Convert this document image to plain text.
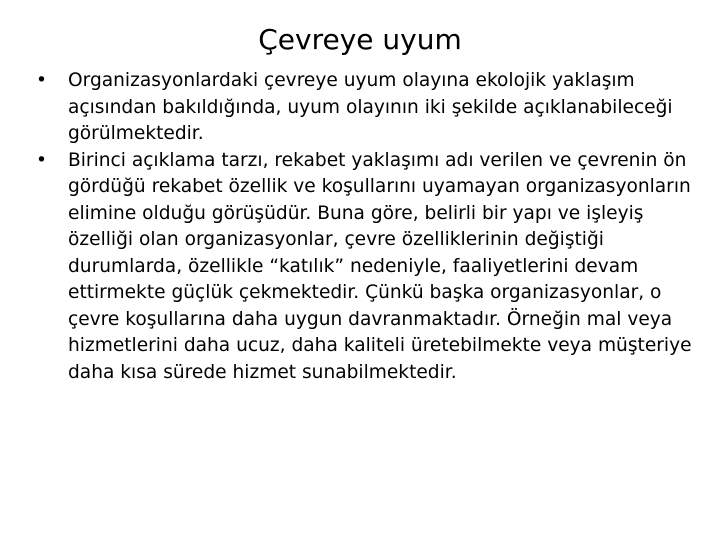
Çevreye uyum
•	Organizasyonlardaki çevreye uyum olayına ekolojik yaklaşım açısından bakıldığında, uyum olayının iki şekilde açıklanabileceği görülmektedir.
•	Birinci açıklama tarzı, rekabet yaklaşımı adı verilen ve çevrenin ön gördüğü rekabet özellik ve koşullarını uyamayan organizasyonların elimine olduğu görüşüdür. Buna göre, belirli bir yapı ve işleyiş özelliği olan organizasyonlar, çevre özelliklerinin değiştiği durumlarda, özellikle “katılık” nedeniyle, faaliyetlerini devam ettirmekte güçlük çekmektedir. Çünkü başka organizasyonlar, o çevre koşullarına daha uygun davranmaktadır. Örneğin mal veya hizmetlerini daha ucuz, daha kaliteli üretebilmekte veya müşteriye daha kısa sürede hizmet sunabilmektedir.
